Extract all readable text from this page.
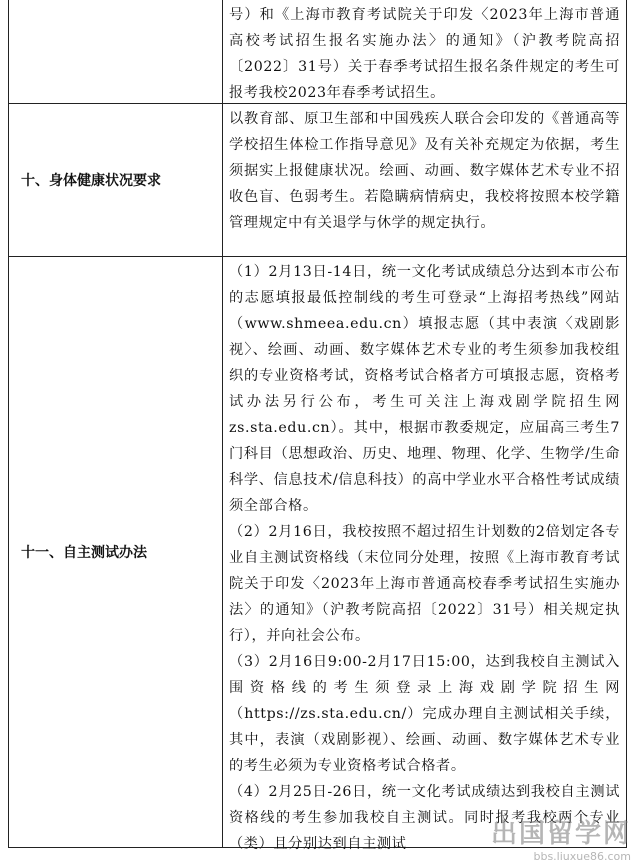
号）和《上海市教育考试院关于印发〈2023年上海市普通高校考试招生报名实施办法〉的通知》（沪教考院高招〔2022〕31号）关于春季考试招生报名条件规定的考生可报考我校2023年春季考试招生。

十、身体健康状况要求

以教育部、原卫生部和中国残疾人联合会印发的《普通高等学校招生体检工作指导意见》及有关补充规定为依据，考生须据实上报健康状况。绘画、动画、数字媒体艺术专业不招收色盲、色弱考生。若隐瞒病情病史，我校将按照本校学籍管理规定中有关退学与休学的规定执行。

十一、自主测试办法

（1）2月13日-14日，统一文化考试成绩总分达到本市公布的志愿填报最低控制线的考生可登录“上海招考热线”网站（www.shmeea.edu.cn）填报志愿（其中表演〈戏剧影视〉、绘画、动画、数字媒体艺术专业的考生须参加我校组织的专业资格考试，资格考试合格者方可填报志愿，资格考试办法另行公布，考生可关注上海戏剧学院招生网zs.sta.edu.cn）。其中，根据市教委规定，应届高三考生7门科目（思想政治、历史、地理、物理、化学、生物学/生命科学、信息技术/信息科技）的高中学业水平合格性考试成绩须全部合格。

（2）2月16日，我校按照不超过招生计划数的2倍划定各专业自主测试资格线（末位同分处理，按照《上海市教育考试院关于印发〈2023年上海市普通高校春季考试招生实施办法〉的通知》（沪教考院高招〔2022〕31号）相关规定执行），并向社会公布。

（3）2月16日9:00-2月17日15:00，达到我校自主测试入围资格线的考生须登录上海戏剧学院招生网（https://zs.sta.edu.cn/）完成办理自主测试相关手续，其中，表演（戏剧影视）、绘画、动画、数字媒体艺术专业的考生必须为专业资格考试合格者。

（4）2月25日-26日，统一文化考试成绩达到我校自主测试资格线的考生参加我校自主测试。同时报考我校两个专业（类）且分别达到自主测试	出国留学网
bbs.liuxue86.com
